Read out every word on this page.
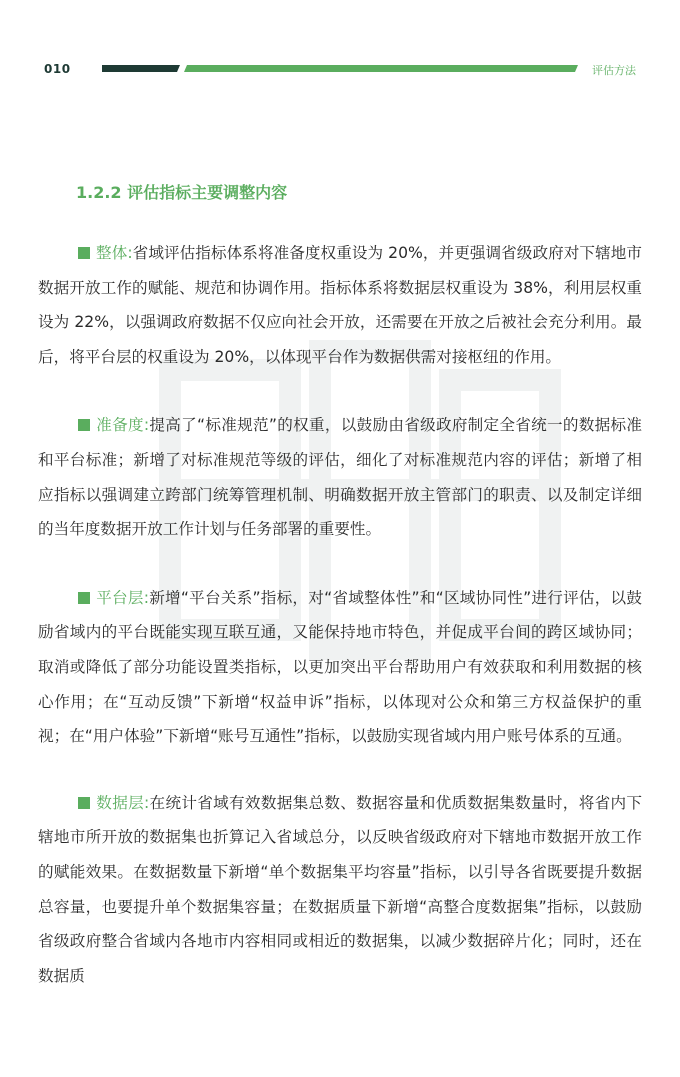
010	评估方法
1.2.2 评估指标主要调整内容

整体:省域评估指标体系将准备度权重设为 20%，并更强调省级政府对下辖地市数据开放工作的赋能、规范和协调作用。指标体系将数据层权重设为 38%，利用层权重设为 22%，以强调政府数据不仅应向社会开放，还需要在开放之后被社会充分利用。最后，将平台层的权重设为 20%，以体现平台作为数据供需对接枢纽的作用。

准备度:提高了“标准规范”的权重，以鼓励由省级政府制定全省统一的数据标准和平台标准；新增了对标准规范等级的评估，细化了对标准规范内容的评估；新增了相应指标以强调建立跨部门统筹管理机制、明确数据开放主管部门的职责、以及制定详细的当年度数据开放工作计划与任务部署的重要性。

平台层:新增“平台关系”指标，对“省域整体性”和“区域协同性”进行评估，以鼓励省域内的平台既能实现互联互通，又能保持地市特色，并促成平台间的跨区域协同；取消或降低了部分功能设置类指标，以更加突出平台帮助用户有效获取和利用数据的核心作用；在“互动反馈”下新增“权益申诉”指标，以体现对公众和第三方权益保护的重视；在“用户体验”下新增“账号互通性”指标，以鼓励实现省域内用户账号体系的互通。

数据层:在统计省域有效数据集总数、数据容量和优质数据集数量时，将省内下辖地市所开放的数据集也折算记入省域总分，以反映省级政府对下辖地市数据开放工作的赋能效果。在数据数量下新增“单个数据集平均容量”指标，以引导各省既要提升数据总容量，也要提升单个数据集容量；在数据质量下新增“高整合度数据集”指标，以鼓励省级政府整合省域内各地市内容相同或相近的数据集，以减少数据碎片化；同时，还在数据质
